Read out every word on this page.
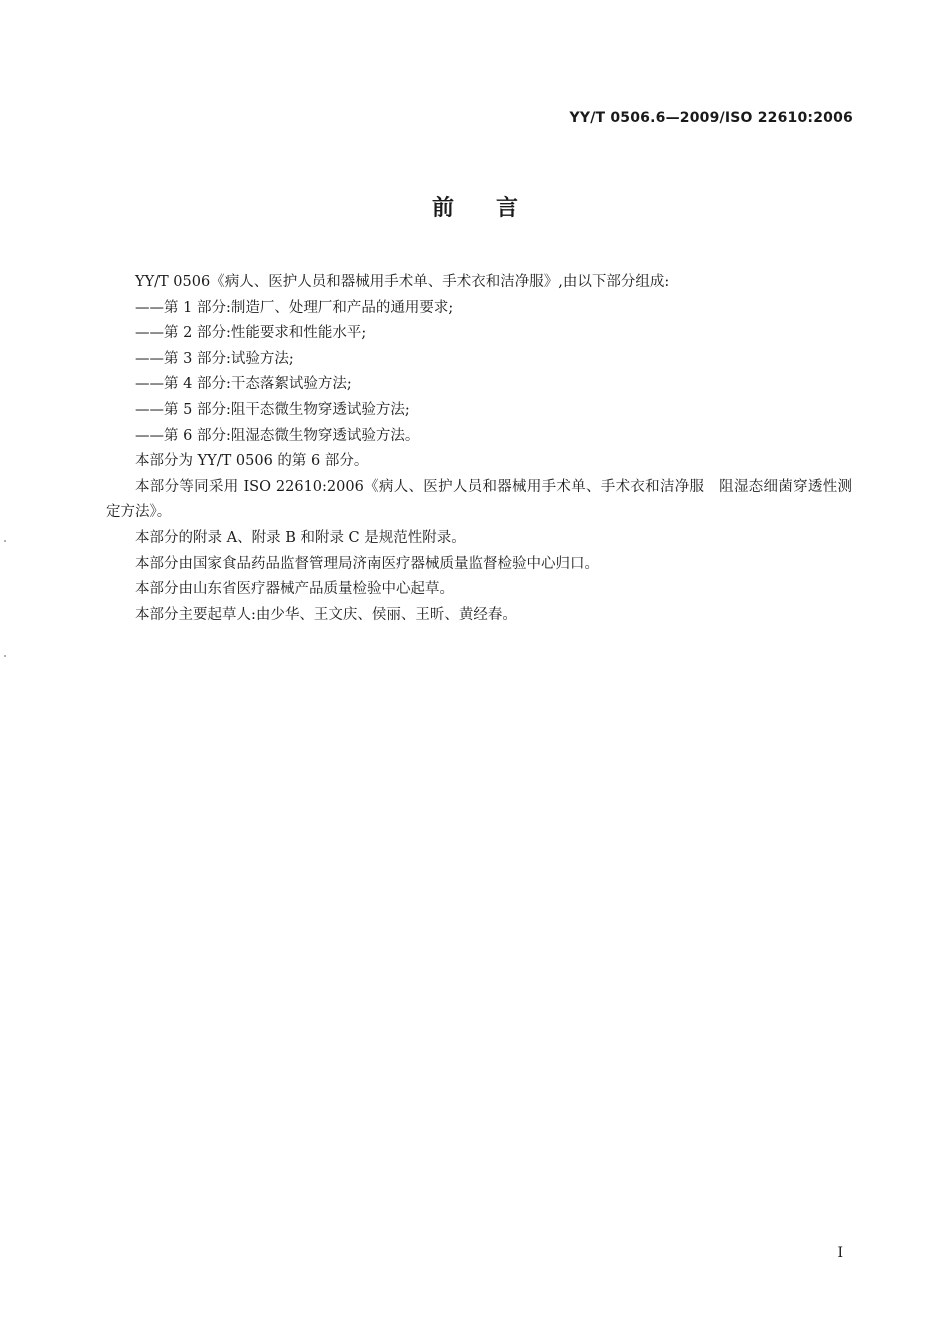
YY/T 0506.6—2009/ISO 22610:2006
前言

YY/T 0506《病人、医护人员和器械用手术单、手术衣和洁净服》,由以下部分组成:

——第 1 部分:制造厂、处理厂和产品的通用要求;

——第 2 部分:性能要求和性能水平;

——第 3 部分:试验方法;

——第 4 部分:干态落絮试验方法;

——第 5 部分:阻干态微生物穿透试验方法;

——第 6 部分:阻湿态微生物穿透试验方法。

本部分为 YY/T 0506 的第 6 部分。

本部分等同采用 ISO 22610:2006《病人、医护人员和器械用手术单、手术衣和洁净服　阻湿态细菌穿透性测定方法》。

本部分的附录 A、附录 B 和附录 C 是规范性附录。

本部分由国家食品药品监督管理局济南医疗器械质量监督检验中心归口。

本部分由山东省医疗器械产品质量检验中心起草。

本部分主要起草人:由少华、王文庆、侯丽、王昕、黄经春。

I
